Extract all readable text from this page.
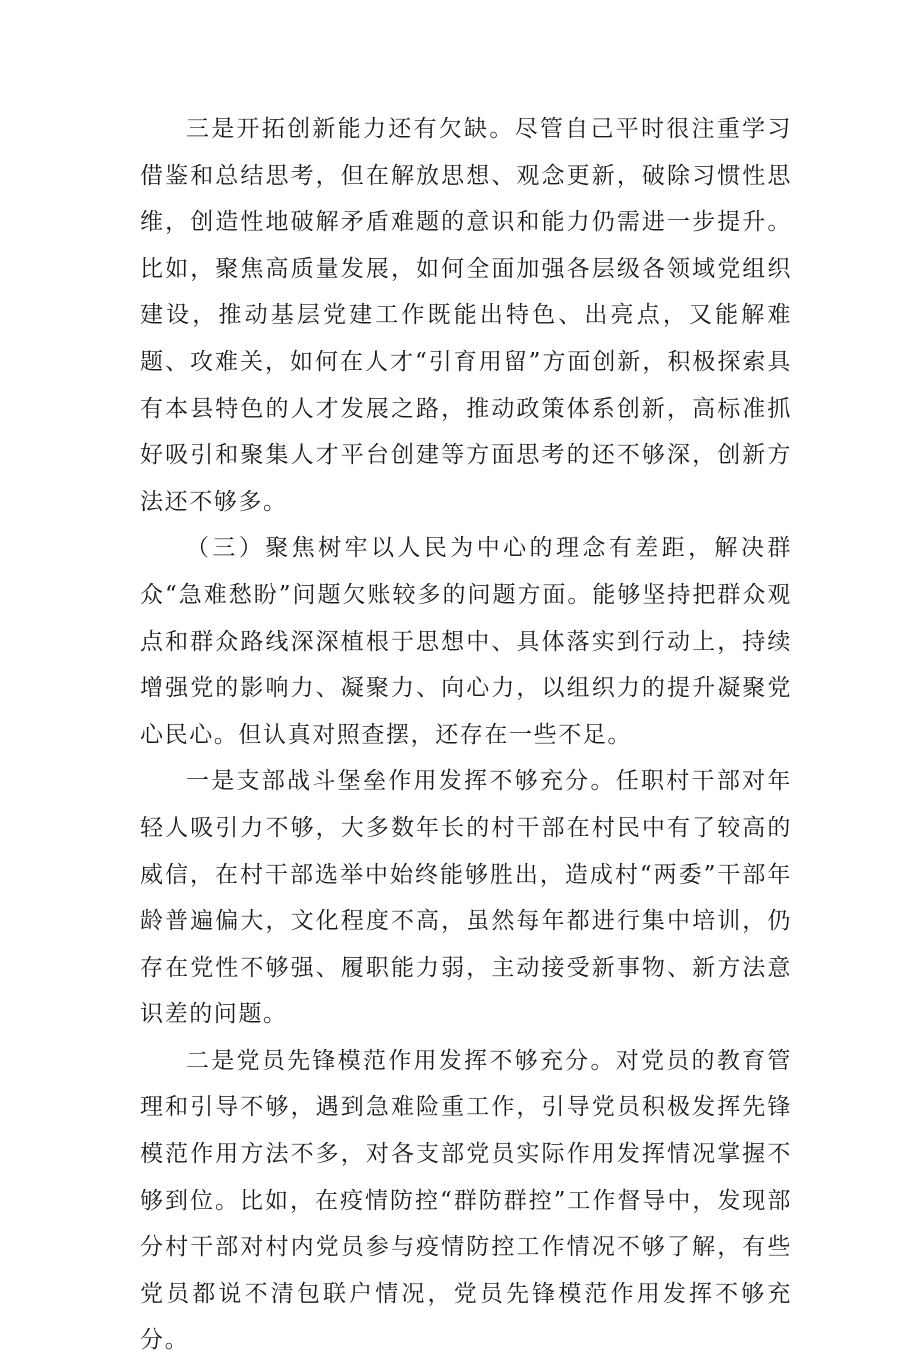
三是开拓创新能力还有欠缺。尽管自己平时很注重学习借鉴和总结思考，但在解放思想、观念更新，破除习惯性思维，创造性地破解矛盾难题的意识和能力仍需进一步提升。比如，聚焦高质量发展，如何全面加强各层级各领域党组织建设，推动基层党建工作既能出特色、出亮点，又能解难题、攻难关，如何在人才“引育用留”方面创新，积极探索具有本县特色的人才发展之路，推动政策体系创新，高标准抓好吸引和聚集人才平台创建等方面思考的还不够深，创新方法还不够多。

（三）聚焦树牢以人民为中心的理念有差距，解决群众“急难愁盼”问题欠账较多的问题方面。能够坚持把群众观点和群众路线深深植根于思想中、具体落实到行动上，持续增强党的影响力、凝聚力、向心力，以组织力的提升凝聚党心民心。但认真对照查摆，还存在一些不足。

一是支部战斗堡垒作用发挥不够充分。任职村干部对年轻人吸引力不够，大多数年长的村干部在村民中有了较高的威信，在村干部选举中始终能够胜出，造成村“两委”干部年龄普遍偏大，文化程度不高，虽然每年都进行集中培训，仍存在党性不够强、履职能力弱，主动接受新事物、新方法意识差的问题。

二是党员先锋模范作用发挥不够充分。对党员的教育管理和引导不够，遇到急难险重工作，引导党员积极发挥先锋模范作用方法不多，对各支部党员实际作用发挥情况掌握不够到位。比如，在疫情防控“群防群控”工作督导中，发现部分村干部对村内党员参与疫情防控工作情况不够了解，有些党员都说不清包联户情况，党员先锋模范作用发挥不够充分。
